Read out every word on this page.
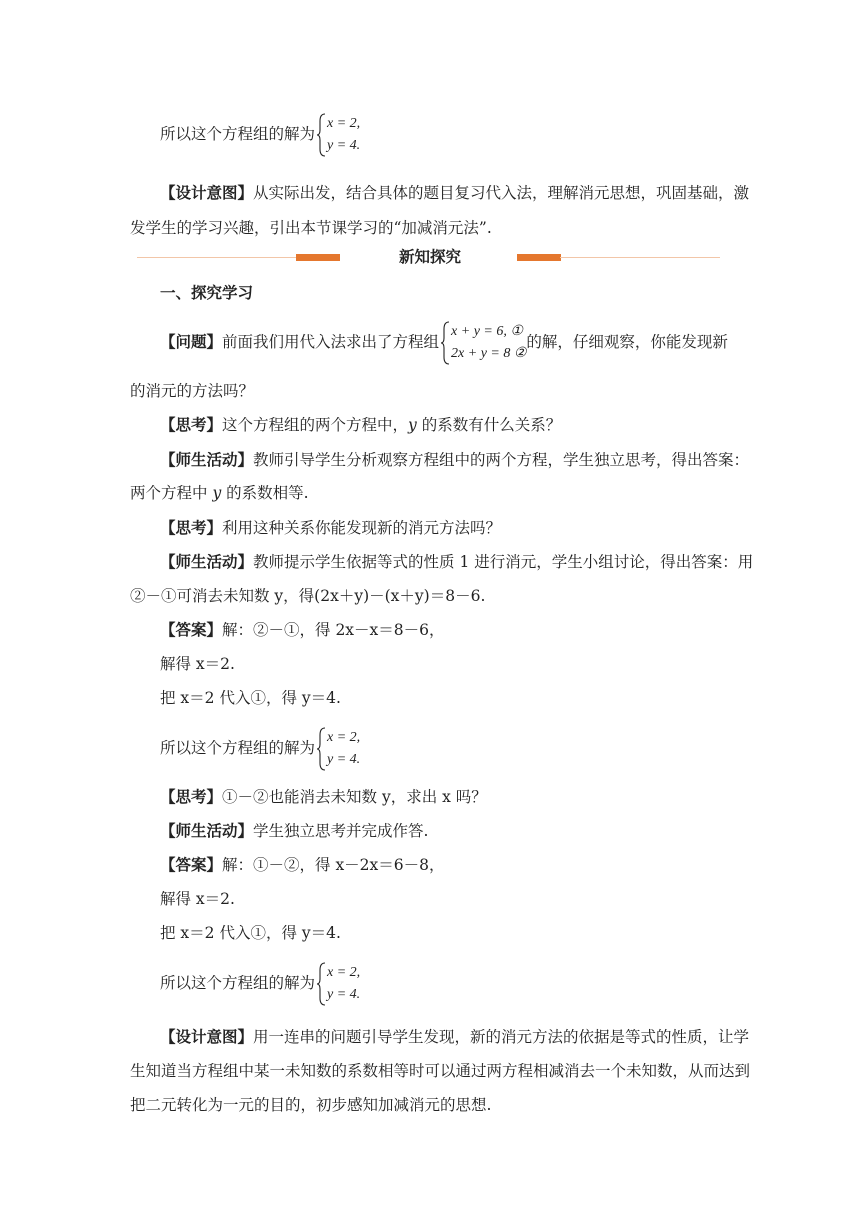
所以这个方程组的解为
x = 2,
y = 4.
【设计意图】从实际出发，结合具体的题目复习代入法，理解消元思想，巩固基础，激
发学生的学习兴趣，引出本节课学习的“加减消元法”.
新知探究
一、探究学习
【问题】前面我们用代入法求出了方程组
x + y = 6, ①
2x + y = 8 ②
的解，仔细观察，你能发现新
的消元的方法吗？
【思考】这个方程组的两个方程中，y 的系数有什么关系？
【师生活动】教师引导学生分析观察方程组中的两个方程，学生独立思考，得出答案：
两个方程中 y 的系数相等.
【思考】利用这种关系你能发现新的消元方法吗？
【师生活动】教师提示学生依据等式的性质 1 进行消元，学生小组讨论，得出答案：用
②－①可消去未知数 y，得(2x＋y)－(x＋y)＝8－6.
【答案】解：②－①，得 2x－x＝8－6，
解得 x＝2.
把 x＝2 代入①，得 y＝4.
所以这个方程组的解为
x = 2,
y = 4.
【思考】①－②也能消去未知数 y，求出 x 吗？
【师生活动】学生独立思考并完成作答.
【答案】解：①－②，得 x－2x＝6－8，
解得 x＝2.
把 x＝2 代入①，得 y＝4.
所以这个方程组的解为
x = 2,
y = 4.
【设计意图】用一连串的问题引导学生发现，新的消元方法的依据是等式的性质，让学
生知道当方程组中某一未知数的系数相等时可以通过两方程相减消去一个未知数，从而达到
把二元转化为一元的目的，初步感知加减消元的思想.
